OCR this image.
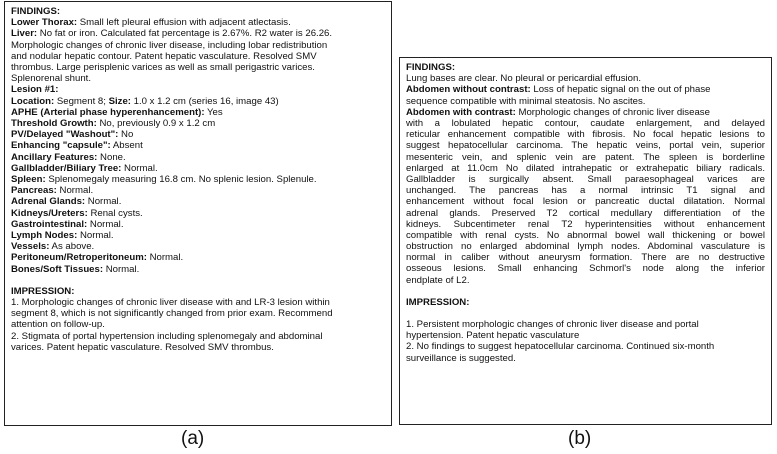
FINDINGS:
Lower Thorax: Small left pleural effusion with adjacent atlectasis.
Liver: No fat or iron. Calculated fat percentage is 2.67%. R2 water is 26.26.
Morphologic changes of chronic liver disease, including lobar redistribution
and nodular hepatic contour. Patent hepatic vasculature. Resolved SMV
thrombus. Large perisplenic varices as well as small perigastric varices.
Splenorenal shunt.
Lesion #1:
Location: Segment 8; Size: 1.0 x 1.2 cm (series 16, image 43)
APHE (Arterial phase hyperenhancement): Yes
Threshold Growth: No, previously 0.9 x 1.2 cm
PV/Delayed "Washout": No
Enhancing "capsule": Absent
Ancillary Features: None.
Gallbladder/Biliary Tree: Normal.
Spleen: Splenomegaly measuring 16.8 cm. No splenic lesion. Splenule.
Pancreas: Normal.
Adrenal Glands: Normal.
Kidneys/Ureters: Renal cysts.
Gastrointestinal: Normal.
Lymph Nodes: Normal.
Vessels: As above.
Peritoneum/Retroperitoneum: Normal.
Bones/Soft Tissues: Normal.
IMPRESSION:
1. Morphologic changes of chronic liver disease with and LR-3 lesion within
segment 8, which is not significantly changed from prior exam. Recommend
attention on follow-up.
2. Stigmata of portal hypertension including splenomegaly and abdominal
varices. Patent hepatic vasculature. Resolved SMV thrombus.
FINDINGS:
Lung bases are clear. No pleural or pericardial effusion.
Abdomen without contrast: Loss of hepatic signal on the out of phase
sequence compatible with minimal steatosis. No ascites.
Abdomen with contrast: Morphologic changes of chronic liver disease
with a lobulated hepatic contour, caudate enlargement, and delayed
reticular enhancement compatible with fibrosis. No focal hepatic lesions to
suggest hepatocellular carcinoma. The hepatic veins, portal vein, superior
mesenteric vein, and splenic vein are patent. The spleen is borderline
enlarged at 11.0cm No dilated intrahepatic or extrahepatic biliary radicals.
Gallbladder is surgically absent. Small paraesophageal varices are
unchanged. The pancreas has a normal intrinsic T1 signal and
enhancement without focal lesion or pancreatic ductal dilatation. Normal
adrenal glands. Preserved T2 cortical medullary differentiation of the
kidneys. Subcentimeter renal T2 hyperintensities without enhancement
compatible with renal cysts. No abnormal bowel wall thickening or bowel
obstruction no enlarged abdominal lymph nodes. Abdominal vasculature is
normal in caliber without aneurysm formation. There are no destructive
osseous lesions. Small enhancing Schmorl's node along the inferior
endplate of L2.
IMPRESSION:
1. Persistent morphologic changes of chronic liver disease and portal
hypertension. Patent hepatic vasculature
2. No findings to suggest hepatocellular carcinoma. Continued six-month
surveillance is suggested.
(a)	(b)
